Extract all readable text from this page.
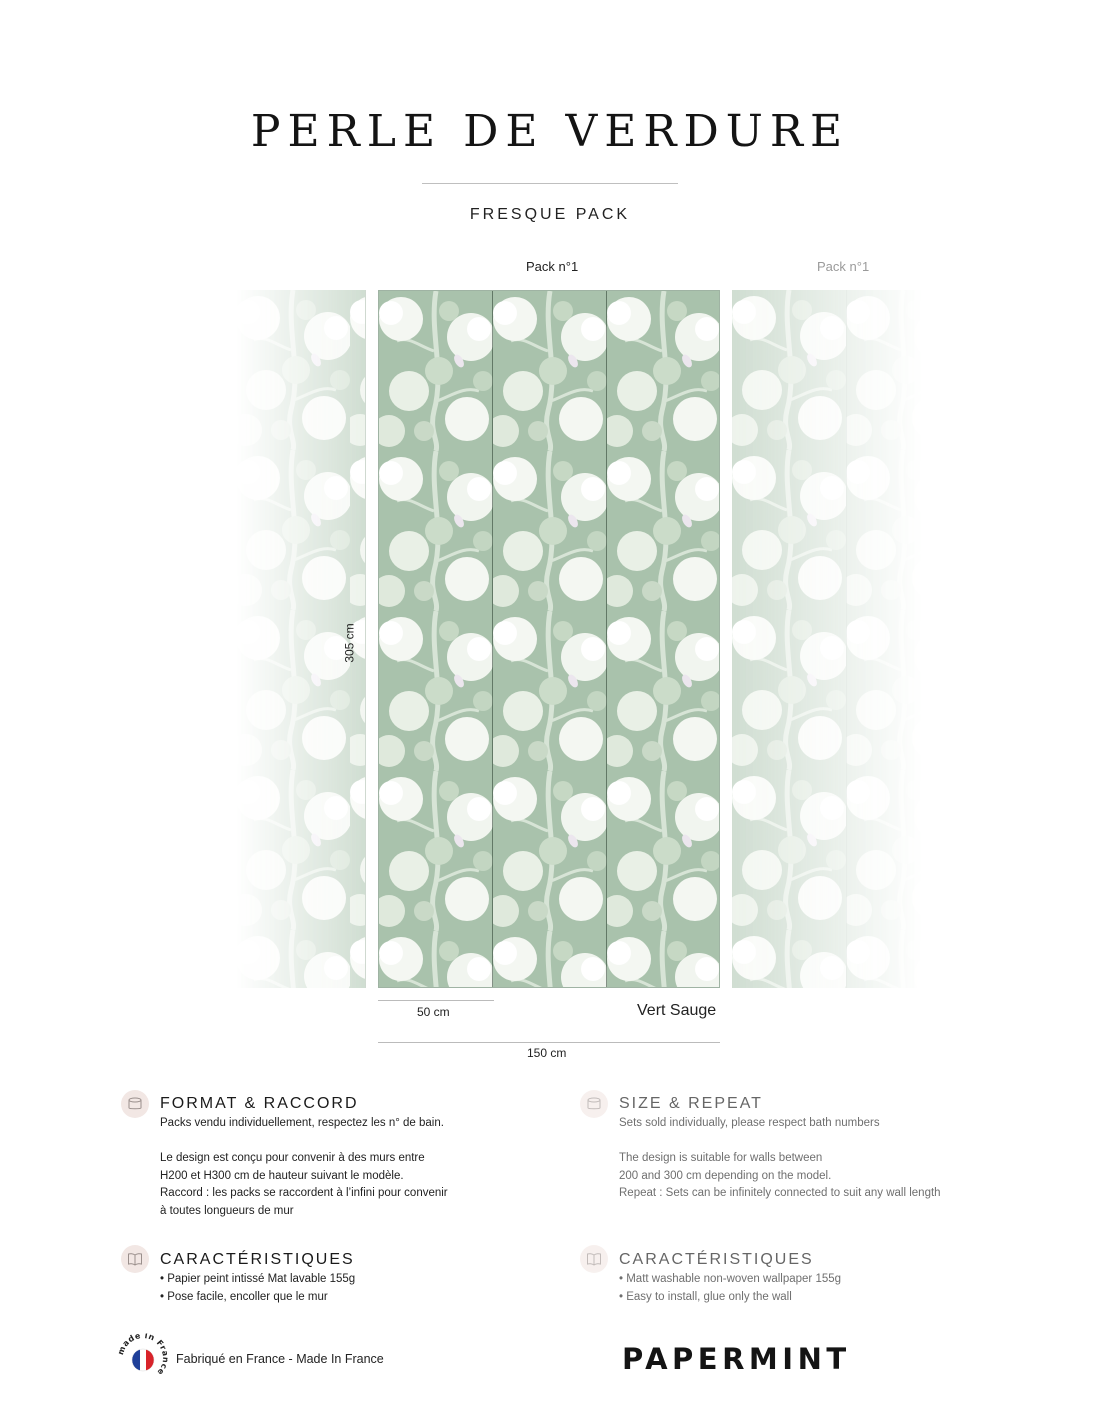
PERLE DE VERDURE
FRESQUE PACK
Pack n°1	Pack n°1
305 cm
50 cm	Vert Sauge
150 cm
FORMAT & RACCORD

Packs vendu individuellement, respectez les n° de bain.

Le design est conçu pour convenir à des murs entre

H200 et H300 cm de hauteur suivant le modèle.

Raccord : les packs se raccordent à l’infini pour convenir

à toutes longueurs de mur

SIZE & REPEAT

Sets sold individually, please respect bath numbers

The design is suitable for walls between

200 and 300 cm depending on the model.

Repeat : Sets can be infinitely connected to suit any wall length

CARACTÉRISTIQUES

• Papier peint intissé Mat lavable 155g

• Pose facile, encoller que le mur

CARACTÉRISTIQUES

• Matt washable non-woven wallpaper 155g

• Easy to install, glue only the wall

ade in Fr ce
Fabriqué en France - Made In France	PAPERMINT
